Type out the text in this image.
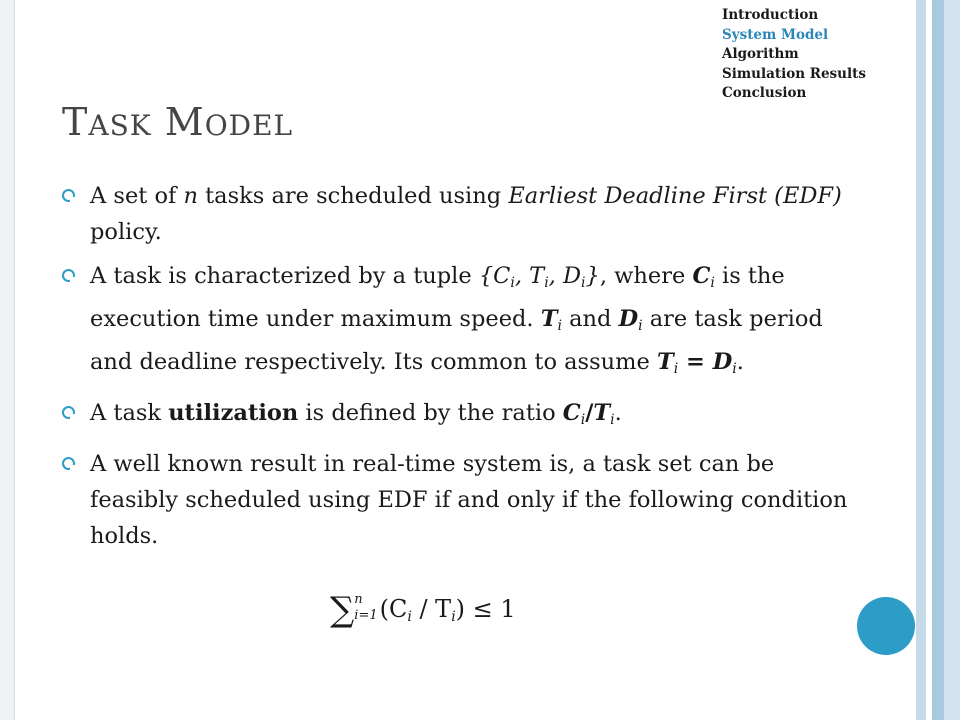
Introduction
System Model
Algorithm
Simulation Results
Conclusion
TASK MODEL
A set of n tasks are scheduled using Earliest Deadline First (EDF) policy.
A task is characterized by a tuple {$C_i$, $T_i$, $D_i$}, where $C_i$ is the execution time under maximum speed. $T_i$ and $D_i$ are task period and deadline respectively. Its common to assume $T_i = D_i$.
A task utilization is defined by the ratio $C_i/T_i$.
A well known result in real-time system is, a task set can be feasibly scheduled using EDF if and only if the following condition holds.
∑n
$i=1(C_i / T_i) \le 1$
